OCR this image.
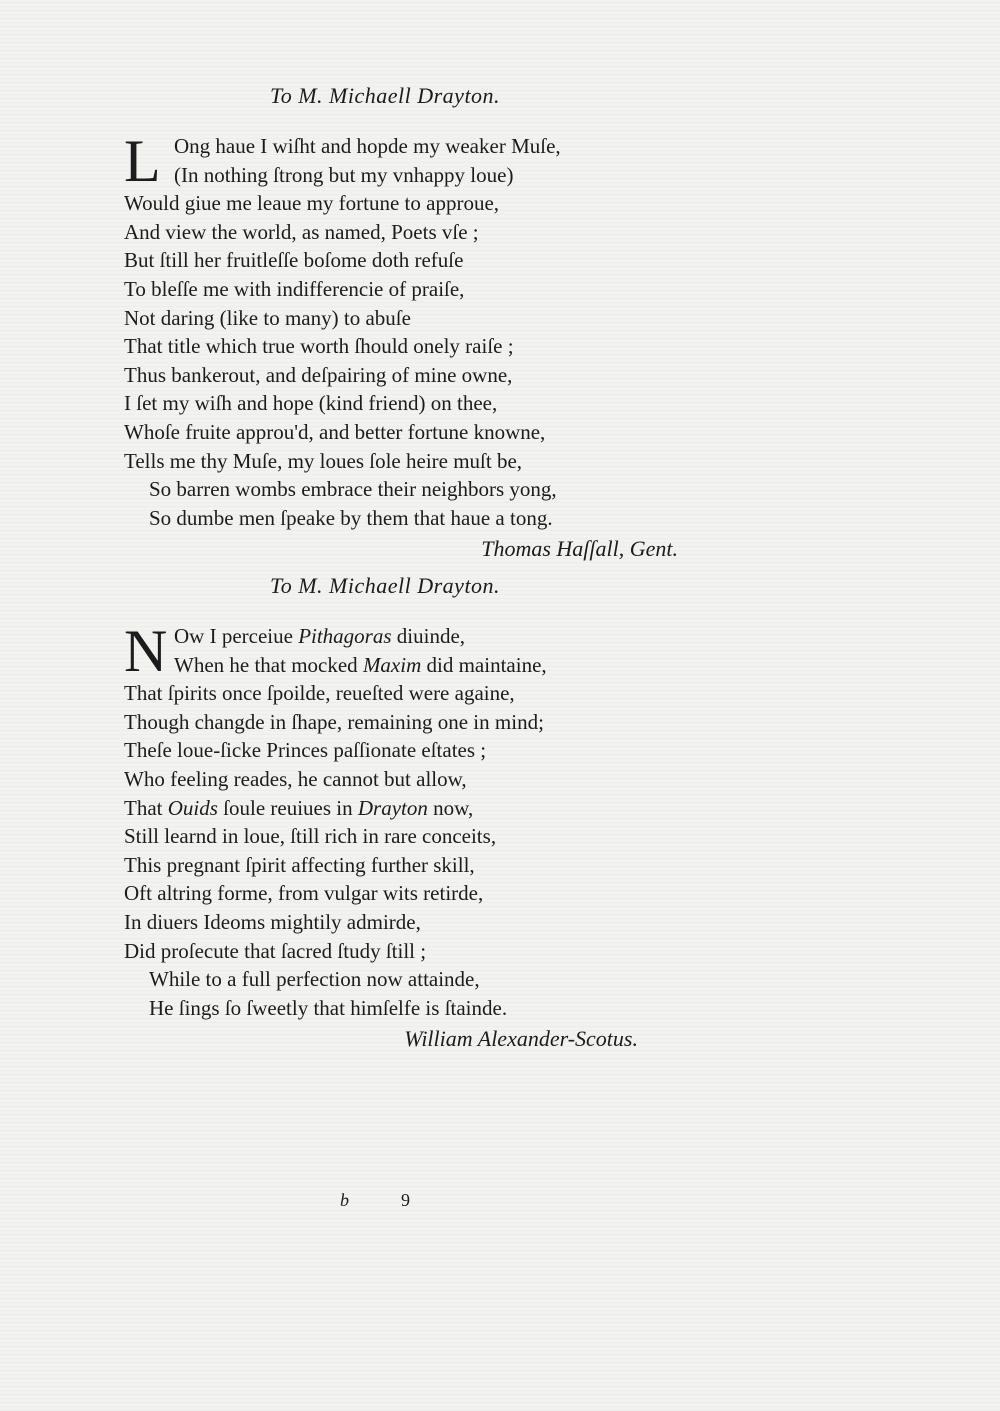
To M. Michaell Drayton.
L Ong haue I wiſht and hopde my weaker Muſe,
(In nothing ſtrong but my vnhappy loue)
Would giue me leaue my fortune to approue,
And view the world, as named, Poets vſe ;
But ſtill her fruitleſſe boſome doth refuſe
To bleſſe me with indifferencie of praiſe,
Not daring (like to many) to abuſe
That title which true worth ſhould onely raiſe ;
Thus bankerout, and deſpairing of mine owne,
I ſet my wiſh and hope (kind friend) on thee,
Whoſe fruite approu'd, and better fortune knowne,
Tells me thy Muſe, my loues ſole heire muſt be,
So barren wombs embrace their neighbors yong,
So dumbe men ſpeake by them that haue a tong.
Thomas Haſſall, Gent.
To M. Michaell Drayton.
N Ow I perceiue Pithagoras diuinde,
When he that mocked Maxim did maintaine,
That ſpirits once ſpoilde, reueſted were againe,
Though changde in ſhape, remaining one in mind;
Theſe loue-ſicke Princes paſſionate eſtates ;
Who feeling reades, he cannot but allow,
That Ouids ſoule reuiues in Drayton now,
Still learnd in loue, ſtill rich in rare conceits,
This pregnant ſpirit affecting further skill,
Oft altring forme, from vulgar wits retirde,
In diuers Ideoms mightily admirde,
Did proſecute that ſacred ſtudy ſtill ;
While to a full perfection now attainde,
He ſings ſo ſweetly that himſelfe is ſtainde.
William Alexander-Scotus.
b	9
